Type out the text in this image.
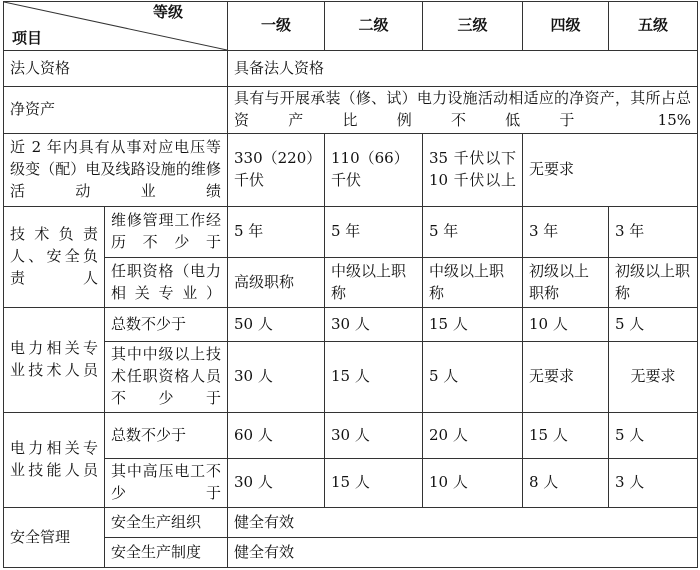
等级
项目		一级	二级	三级	四级	五级
法人资格		具备法人资格				
净资产		具有与开展承装（修、试）电力设施活动相适应的净资产，其所占总资产比例不低于 15%				
近 2 年内具有从事对应电压等级变（配）电及线路设施的维修活动业绩		330（220）千伏	110（66）千伏	35 千伏以下 10 千伏以上	无要求	
技术负责人、安全负责人	维修管理工作经历不少于	5 年	5 年	5 年	3 年	3 年
	任职资格（电力相关专业）	高级职称	中级以上职称	中级以上职称	初级以上职称	初级以上职称
电力相关专业技术人员	总数不少于	50 人	30 人	15 人	10 人	5 人
	其中中级以上技术任职资格人员不少于	30 人	15 人	5 人	无要求	无要求
电力相关专业技能人员	总数不少于	60 人	30 人	20 人	15 人	5 人
	其中高压电工不少于	30 人	15 人	10 人	8 人	3 人
安全管理	安全生产组织	健全有效				
	安全生产制度	健全有效				
